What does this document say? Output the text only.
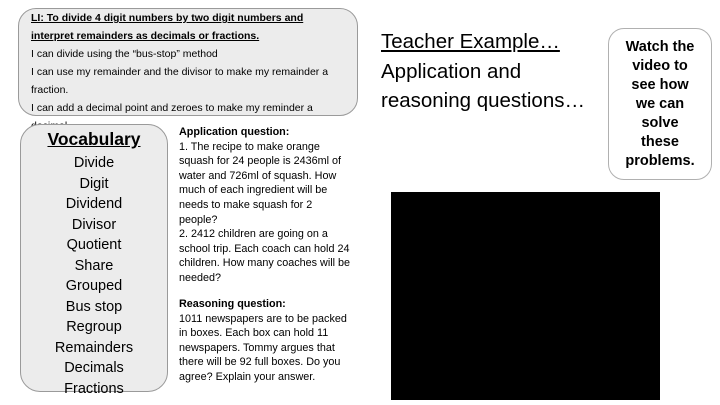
LI: To divide 4 digit numbers by two digit numbers and
interpret remainders as decimals or fractions.
I can divide using the “bus-stop” method
I can use my remainder and the divisor to make my remainder a
fraction.
I can add a decimal point and zeroes to make my reminder a
Vocabulary
Divide
Digit
Dividend
Divisor
Quotient
Share
Grouped
Bus stop
Regroup
Remainders
Decimals
Fractions
Application question:
1. The recipe to make orange
squash for 24 people is 2436ml of
water and 726ml of squash. How
much of each ingredient will be
needs to make squash for 2
people?
2. 2412 children are going on a
school trip. Each coach can hold 24
children. How many coaches will be
needed?
Reasoning question:
1011 newspapers are to be packed
in boxes. Each box can hold 11
newspapers. Tommy argues that
there will be 92 full boxes. Do you
agree? Explain your answer.
Teacher Example…
Application and
reasoning questions…
Watch the
video to
see how
we can
solve
these
problems.
